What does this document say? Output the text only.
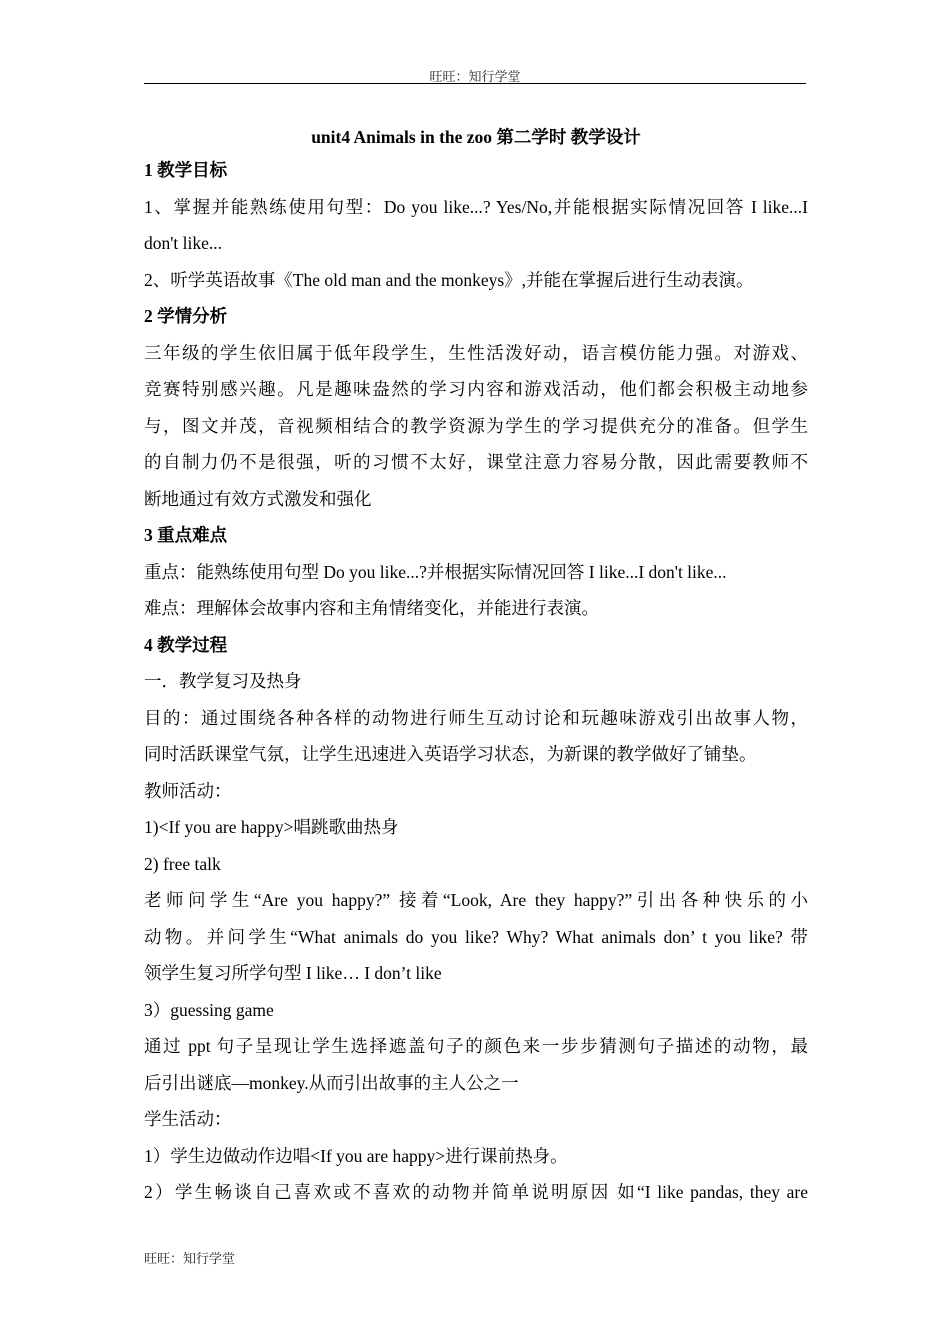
旺旺：知行学堂
unit4 Animals in the zoo 第二学时 教学设计
1 教学目标
1、掌握并能熟练使用句型：Do you like...? Yes/No,并能根据实际情况回答 I like...I
don't like...
2、听学英语故事《The old man and the monkeys》,并能在掌握后进行生动表演。
2 学情分析
三年级的学生依旧属于低年段学生，生性活泼好动，语言模仿能力强。对游戏、
竞赛特别感兴趣。凡是趣味盎然的学习内容和游戏活动，他们都会积极主动地参
与，图文并茂，音视频相结合的教学资源为学生的学习提供充分的准备。但学生
的自制力仍不是很强，听的习惯不太好，课堂注意力容易分散，因此需要教师不
断地通过有效方式激发和强化
3 重点难点
重点：能熟练使用句型 Do you like...?并根据实际情况回答 I like...I don't like...
难点：理解体会故事内容和主角情绪变化，并能进行表演。
4 教学过程
一．教学复习及热身
目的：通过围绕各种各样的动物进行师生互动讨论和玩趣味游戏引出故事人物，
同时活跃课堂气氛，让学生迅速进入英语学习状态，为新课的教学做好了铺垫。
教师活动：
1)<If you are happy>唱跳歌曲热身
2) free talk
老师问学生“Are you happy?” 接着“Look, Are they happy?”引出各种快乐的小
动物。并问学生“What animals do you like? Why? What animals don’ t you like? 带
领学生复习所学句型 I like… I don’t like
3）guessing game
通过 ppt 句子呈现让学生选择遮盖句子的颜色来一步步猜测句子描述的动物，最
后引出谜底—monkey.从而引出故事的主人公之一
学生活动：
1）学生边做动作边唱<If you are happy>进行课前热身。
2）学生畅谈自己喜欢或不喜欢的动物并简单说明原因 如“I like pandas, they are
旺旺：知行学堂
